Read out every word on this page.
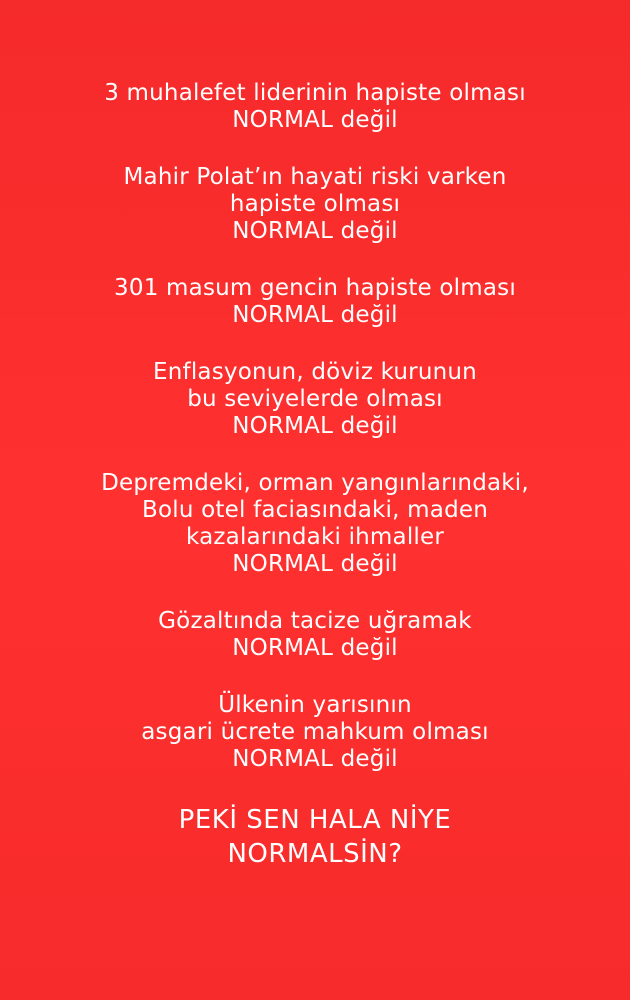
3 muhalefet liderinin hapiste olması
NORMAL değil
Mahir Polat’ın hayati riski varken
hapiste olması
NORMAL değil
301 masum gencin hapiste olması
NORMAL değil
Enflasyonun, döviz kurunun
bu seviyelerde olması
NORMAL değil
Depremdeki, orman yangınlarındaki,
Bolu otel faciasındaki, maden
kazalarındaki ihmaller
NORMAL değil
Gözaltında tacize uğramak
NORMAL değil
Ülkenin yarısının
asgari ücrete mahkum olması
NORMAL değil
PEKİ SEN HALA NİYE
NORMALSİN?
